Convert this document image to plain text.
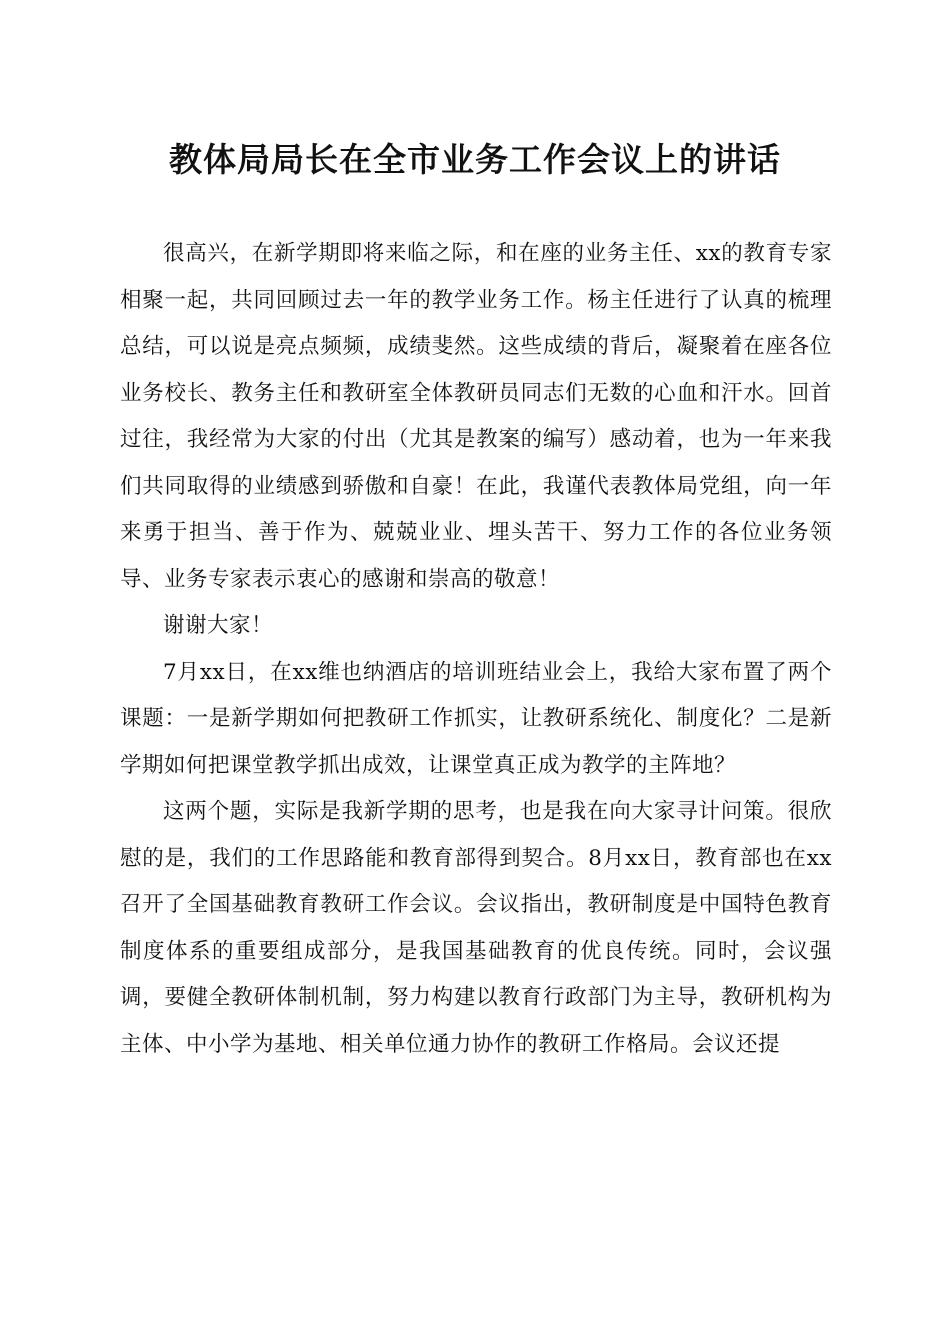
教体局局长在全市业务工作会议上的讲话

很高兴，在新学期即将来临之际，和在座的业务主任、xx的教育专家相聚一起，共同回顾过去一年的教学业务工作。杨主任进行了认真的梳理总结，可以说是亮点频频，成绩斐然。这些成绩的背后，凝聚着在座各位业务校长、教务主任和教研室全体教研员同志们无数的心血和汗水。回首过往，我经常为大家的付出（尤其是教案的编写）感动着，也为一年来我们共同取得的业绩感到骄傲和自豪！在此，我谨代表教体局党组，向一年来勇于担当、善于作为、兢兢业业、埋头苦干、努力工作的各位业务领导、业务专家表示衷心的感谢和崇高的敬意！

谢谢大家！

7月xx日，在xx维也纳酒店的培训班结业会上，我给大家布置了两个课题：一是新学期如何把教研工作抓实，让教研系统化、制度化？二是新学期如何把课堂教学抓出成效，让课堂真正成为教学的主阵地？

这两个题，实际是我新学期的思考，也是我在向大家寻计问策。很欣慰的是，我们的工作思路能和教育部得到契合。8月xx日，教育部也在xx召开了全国基础教育教研工作会议。会议指出，教研制度是中国特色教育制度体系的重要组成部分，是我国基础教育的优良传统。同时，会议强调，要健全教研体制机制，努力构建以教育行政部门为主导，教研机构为主体、中小学为基地、相关单位通力协作的教研工作格局。会议还提
